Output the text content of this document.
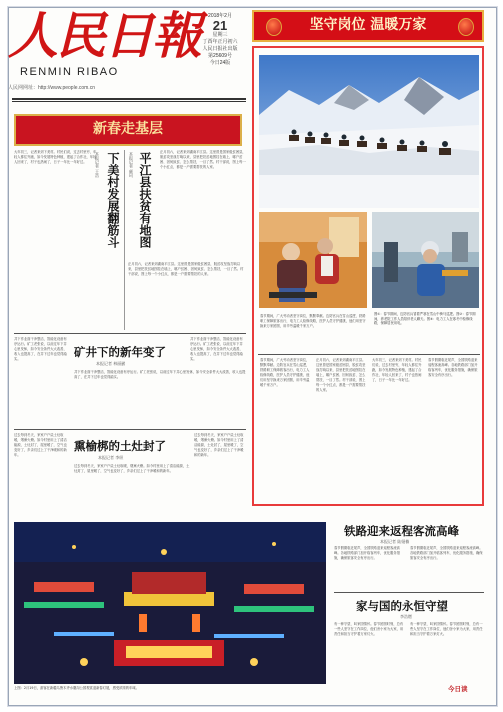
人民日報
RENMIN RIBAO
人民网网址：http://www.people.com.cn
2018年2月
21
星期三
丁酉年正月初六
人民日报社出版
第25609号
今日24版
坚守岗位 温暖万家
图①：春节期间，边防官兵冒着严寒在雪山中骑马巡逻。图②：春节期间，养老院工作人员陪伴老人聊天。图③：电力工人在寒冬中检修线路，保障居民用电。
春节期间，广大劳动者坚守岗位，默默奉献。边防官兵在雪山巡逻，铁路职工保障旅客出行，电力工人检修线路，医护人员守护健康，他们用坚守换来万家团圆，用辛劳温暖千家万户。
春节期间，广大劳动者坚守岗位，默默奉献。边防官兵在雪山巡逻，铁路职工保障旅客出行，电力工人检修线路，医护人员守护健康，他们用坚守换来万家团圆，用辛劳温暖千家万户。
正月初六，记者来到湖南平江县。这里曾是国家级贫困县，脱贫攻坚战打响以来，县里把扶贫地图挂在墙上，哪户贫困、因何致贫、怎么帮扶，一目了然。村干部说，图上每一个小红点，都是一户需要帮扶的人家。
大年初三，记者来到下美村。村民们说，过去村里穷，年轻人都往外跑，如今发展特色种植，建起了合作社，年轻人回来了，村子也热闹了，日子一年比一年好过。
春节假期临近尾声，全国铁路迎来返程客流高峰。各地铁路部门加开临客列车，优化服务措施，确保旅客安全有序出行。
新春走基层
大年初三，记者来到下美村。村民们说，过去村里穷，年轻人都往外跑，如今发展特色种植，建起了合作社，年轻人回来了，村子也热闹了，日子一年比一年好过。	下美村发展翻筋斗
本报记者 王浩	平江县扶贫有地图
本报记者 颜珂	正月初六，记者来到湖南平江县。这里曾是国家级贫困县，脱贫攻坚战打响以来，县里把扶贫地图挂在墙上，哪户贫困、因何致贫、怎么帮扶，一目了然。村干部说，图上每一个小红点，都是一户需要帮扶的人家。
正月初六，记者来到湖南平江县。这里曾是国家级贫困县，脱贫攻坚战打响以来，县里把扶贫地图挂在墙上，哪户贫困、因何致贫、怎么帮扶，一目了然。村干部说，图上每一个小红点，都是一户需要帮扶的人家。
井下作业面干净整洁，智能化设备有序运行。矿工老张说，以前过年下井心里发怵，如今安全条件大大改善，收入也提高了，在井下过年也觉得踏实。	矿井下的新年变了
本报记者 林丽鹂
井下作业面干净整洁，智能化设备有序运行。矿工老张说，以前过年下井心里发怵，如今安全条件大大改善，收入也提高了，在井下过年也觉得踏实。
井下作业面干净整洁，智能化设备有序运行。矿工老张说，以前过年下井心里发怵，如今安全条件大大改善，收入也提高了，在井下过年也觉得踏实。
过去每到冬天，家家户户烧土灶取暖，烟熏火燎。如今村里用上了清洁能源，土灶封了，屋里暖了，空气也变好了，乡亲们过上了干净暖和的新年。
熏榆梆的土灶封了
本报记者 李纵
过去每到冬天，家家户户烧土灶取暖，烟熏火燎。如今村里用上了清洁能源，土灶封了，屋里暖了，空气也变好了，乡亲们过上了干净暖和的新年。
过去每到冬天，家家户户烧土灶取暖，烟熏火燎。如今村里用上了清洁能源，土灶封了，屋里暖了，空气也变好了，乡亲们过上了干净暖和的新年。
上图：2月19日，游客在新疆乌鲁木齐水磨沟公园观赏迎新春灯展，感受浓浓的年味。
铁路迎来返程客流高峰
本报记者 陆娅楠
春节假期临近尾声，全国铁路迎来返程客流高峰。各地铁路部门加开临客列车，优化服务措施，确保旅客安全有序出行。
春节假期临近尾声，全国铁路迎来返程客流高峰。各地铁路部门加开临客列车，优化服务措施，确保旅客安全有序出行。
家与国的永恒守望
李浩燃
有一种守望，叫家国情怀。春节团圆时刻，总有一些人坚守在工作岗位，他们舍小家为大家，用责任和担当守护着万家灯火。
有一种守望，叫家国情怀。春节团圆时刻，总有一些人坚守在工作岗位，他们舍小家为大家，用责任和担当守护着万家灯火。
今日读
